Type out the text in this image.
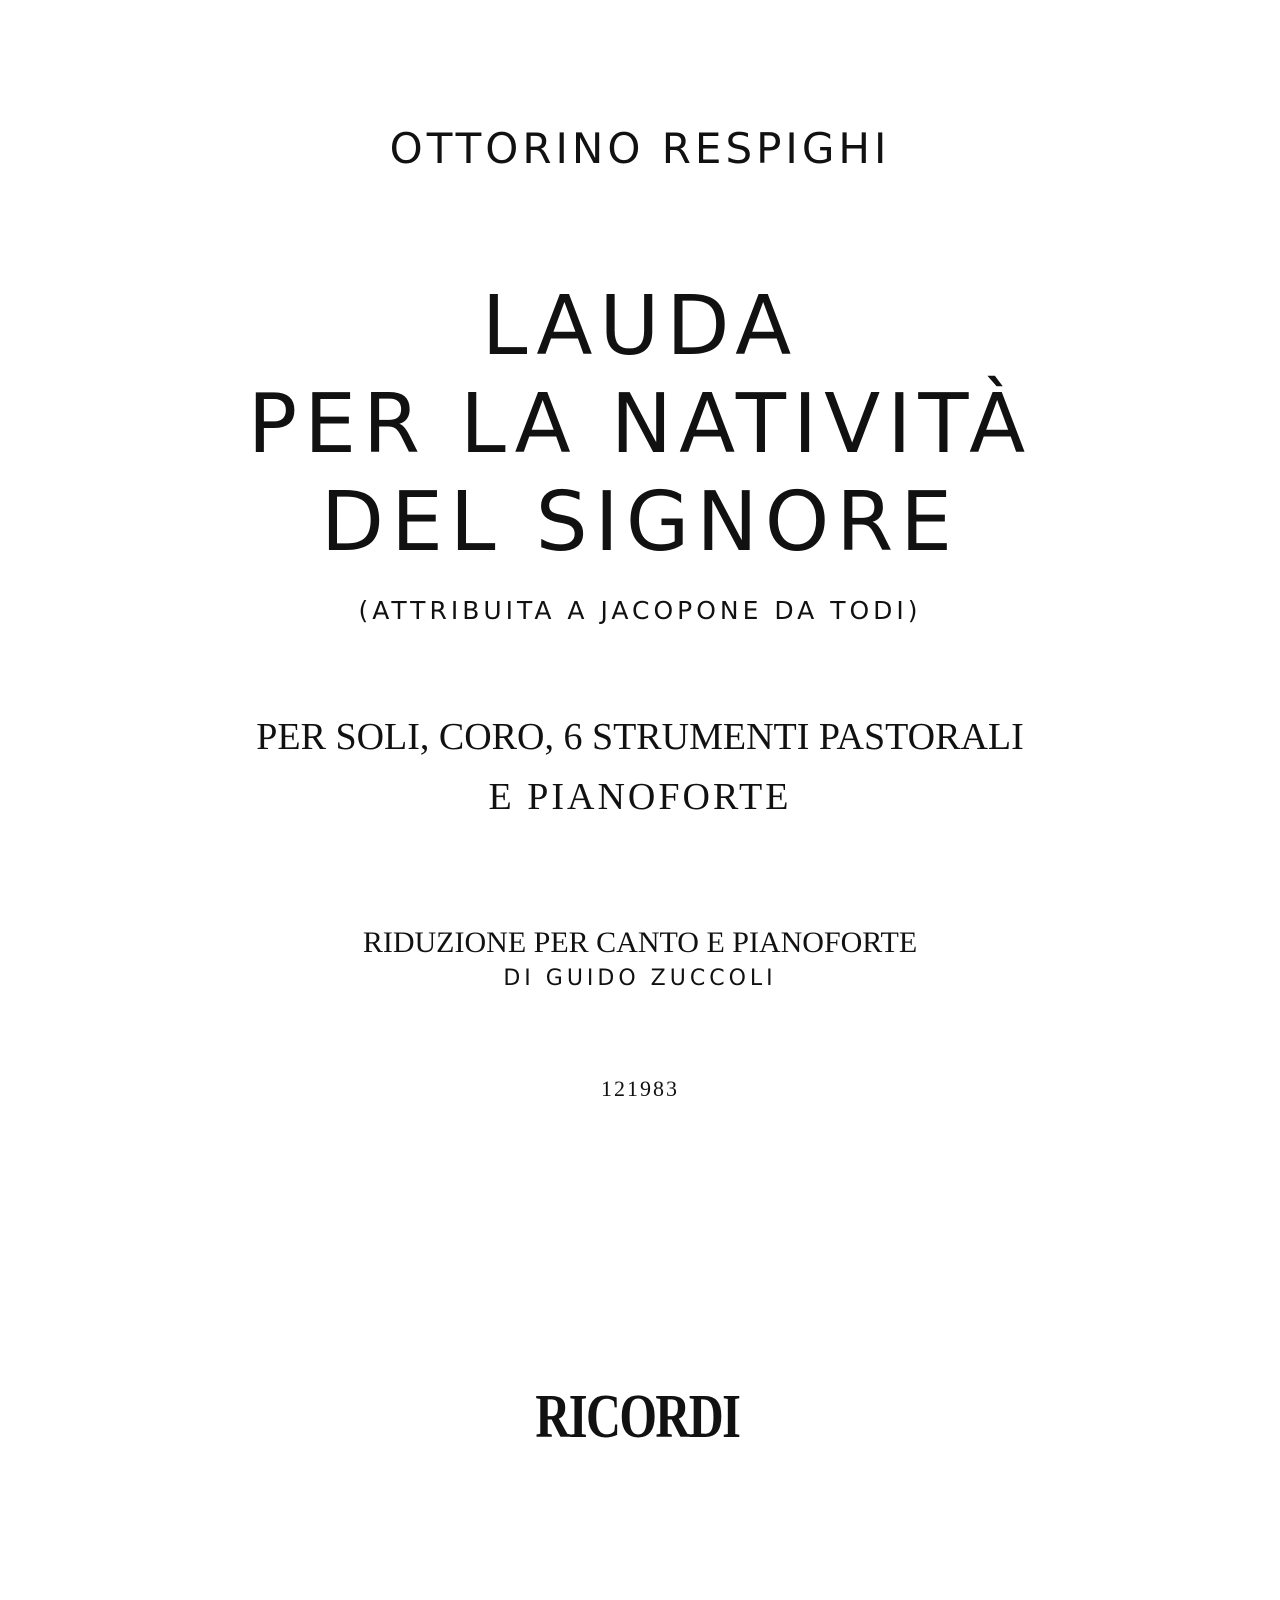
OTTORINO RESPIGHI
LAUDA
PER LA NATIVITÀ
DEL SIGNORE
(ATTRIBUITA A JACOPONE DA TODI)
PER SOLI, CORO, 6 STRUMENTI PASTORALI
E PIANOFORTE
RIDUZIONE PER CANTO E PIANOFORTE
DI GUIDO ZUCCOLI
121983
RICORDI
